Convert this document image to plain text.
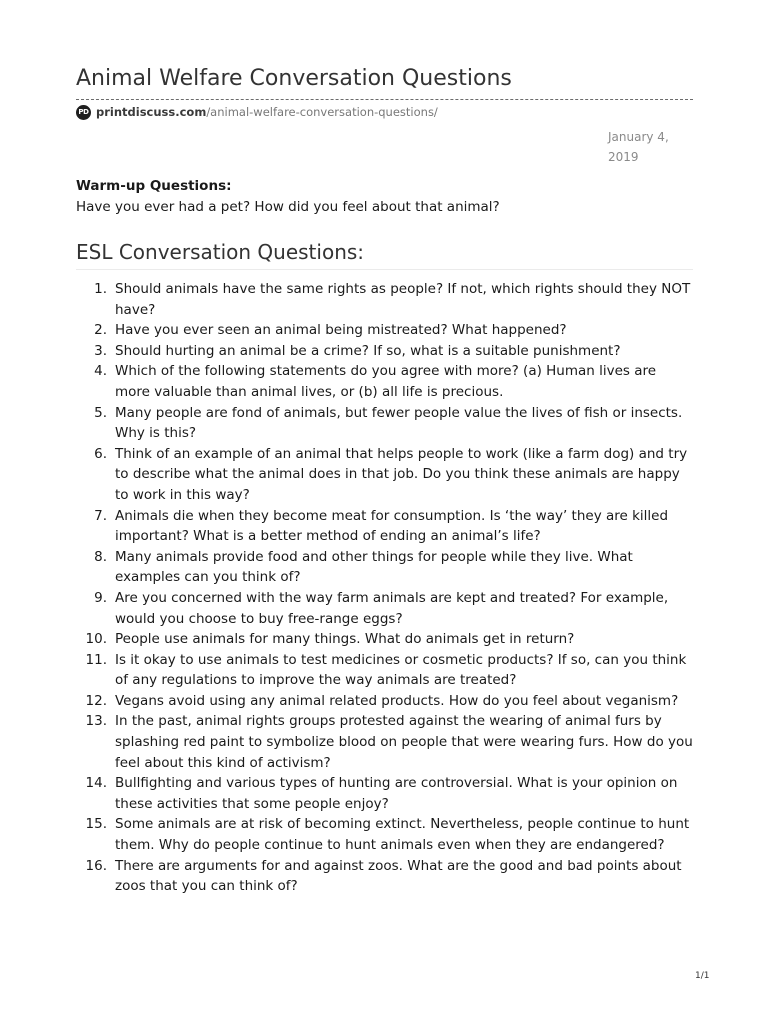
Animal Welfare Conversation Questions
PD printdiscuss.com /animal-welfare-conversation-questions/
January 4, 2019
Warm-up Questions:
Have you ever had a pet? How did you feel about that animal?
ESL Conversation Questions:
1. Should animals have the same rights as people? If not, which rights should they NOT have?
2. Have you ever seen an animal being mistreated? What happened?
3. Should hurting an animal be a crime? If so, what is a suitable punishment?
4. Which of the following statements do you agree with more? (a) Human lives are more valuable than animal lives, or (b) all life is precious.
5. Many people are fond of animals, but fewer people value the lives of fish or insects. Why is this?
6. Think of an example of an animal that helps people to work (like a farm dog) and try to describe what the animal does in that job. Do you think these animals are happy to work in this way?
7. Animals die when they become meat for consumption. Is ‘the way’ they are killed important? What is a better method of ending an animal’s life?
8. Many animals provide food and other things for people while they live. What examples can you think of?
9. Are you concerned with the way farm animals are kept and treated? For example, would you choose to buy free-range eggs?
10. People use animals for many things. What do animals get in return?
11. Is it okay to use animals to test medicines or cosmetic products? If so, can you think of any regulations to improve the way animals are treated?
12. Vegans avoid using any animal related products. How do you feel about veganism?
13. In the past, animal rights groups protested against the wearing of animal furs by splashing red paint to symbolize blood on people that were wearing furs. How do you feel about this kind of activism?
14. Bullfighting and various types of hunting are controversial. What is your opinion on these activities that some people enjoy?
15. Some animals are at risk of becoming extinct. Nevertheless, people continue to hunt them. Why do people continue to hunt animals even when they are endangered?
16. There are arguments for and against zoos. What are the good and bad points about zoos that you can think of?
1/1
